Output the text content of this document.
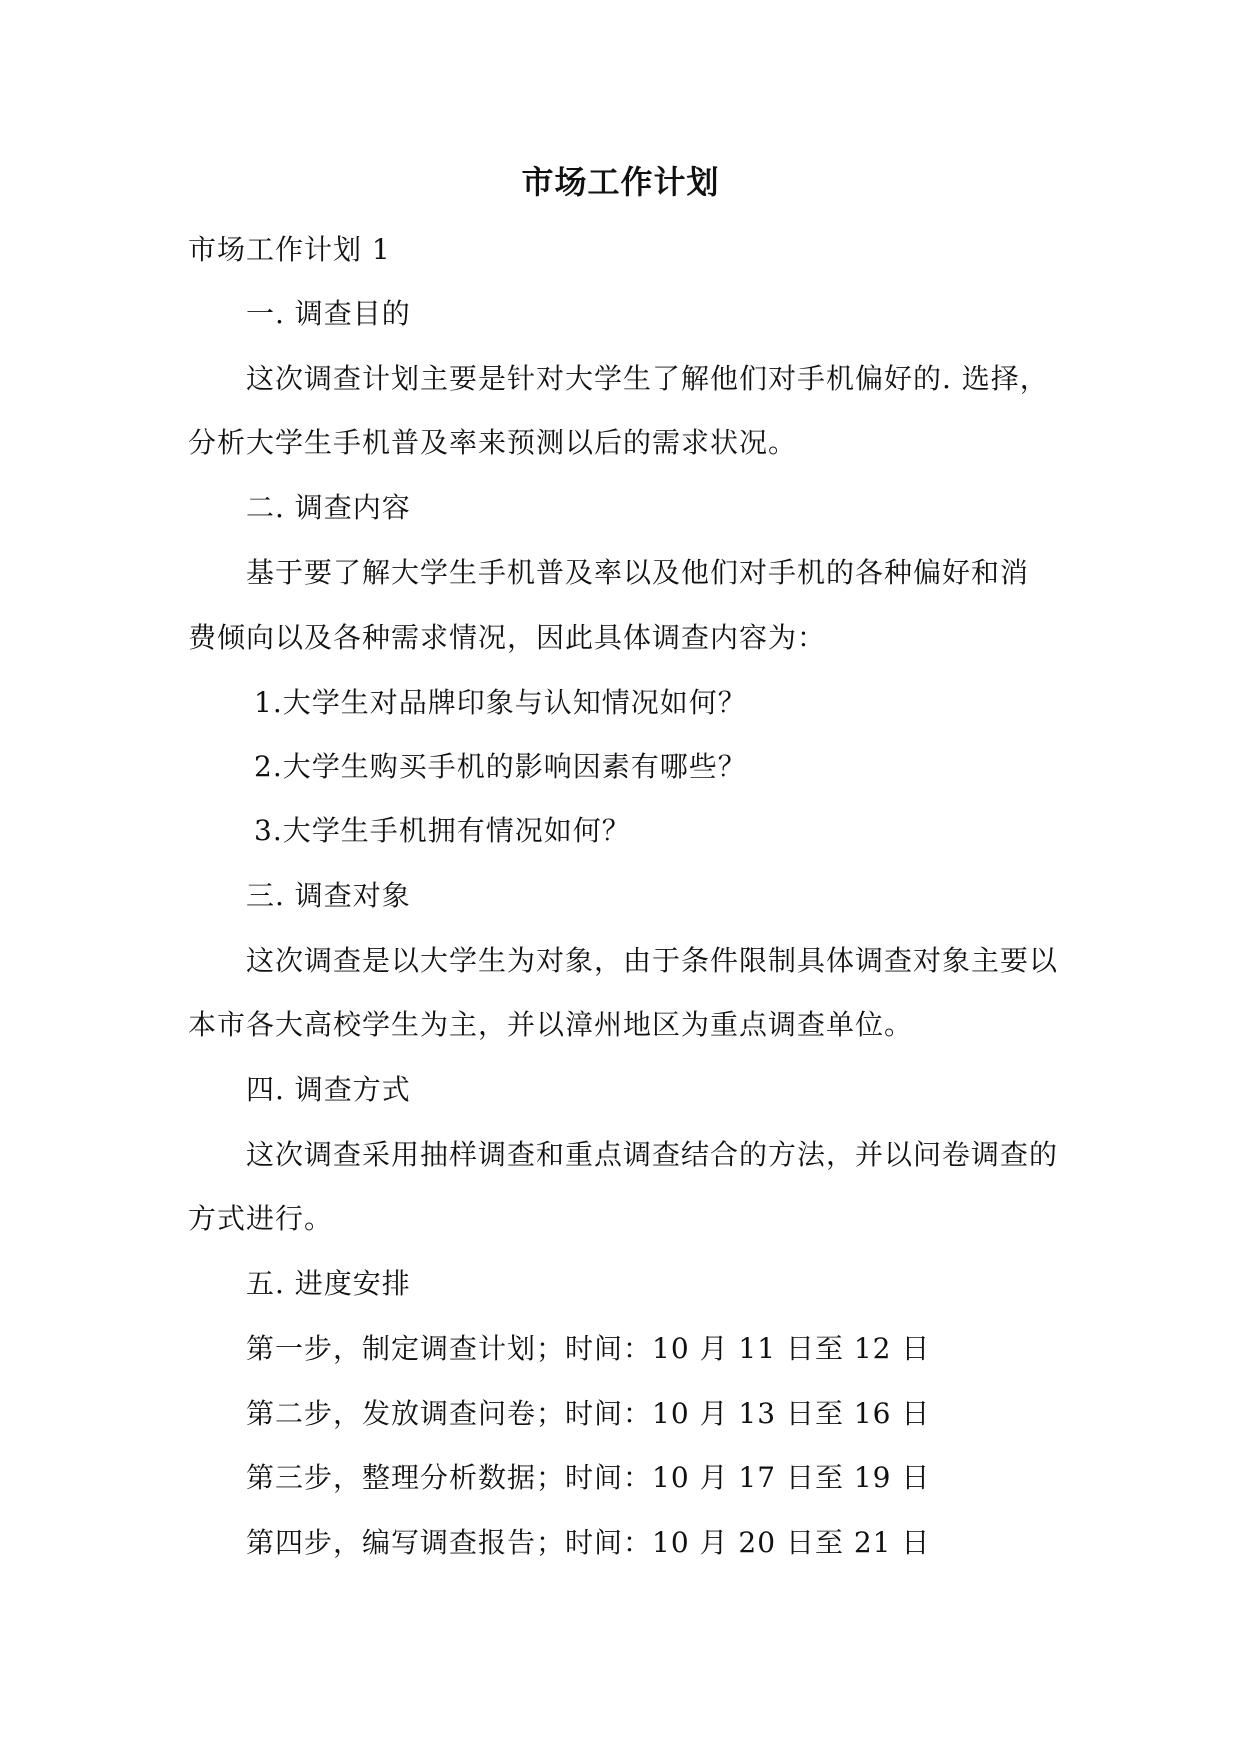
市场工作计划
市场工作计划 1
一. 调查目的
这次调查计划主要是针对大学生了解他们对手机偏好的. 选择，
分析大学生手机普及率来预测以后的需求状况。
二. 调查内容
基于要了解大学生手机普及率以及他们对手机的各种偏好和消
费倾向以及各种需求情况，因此具体调查内容为：
1.大学生对品牌印象与认知情况如何？
2.大学生购买手机的影响因素有哪些？
3.大学生手机拥有情况如何？
三. 调查对象
这次调查是以大学生为对象，由于条件限制具体调查对象主要以
本市各大高校学生为主，并以漳州地区为重点调查单位。
四. 调查方式
这次调查采用抽样调查和重点调查结合的方法，并以问卷调查的
方式进行。
五. 进度安排
第一步，制定调查计划；时间：10 月 11 日至 12 日
第二步，发放调查问卷；时间：10 月 13 日至 16 日
第三步，整理分析数据；时间：10 月 17 日至 19 日
第四步，编写调查报告；时间：10 月 20 日至 21 日
